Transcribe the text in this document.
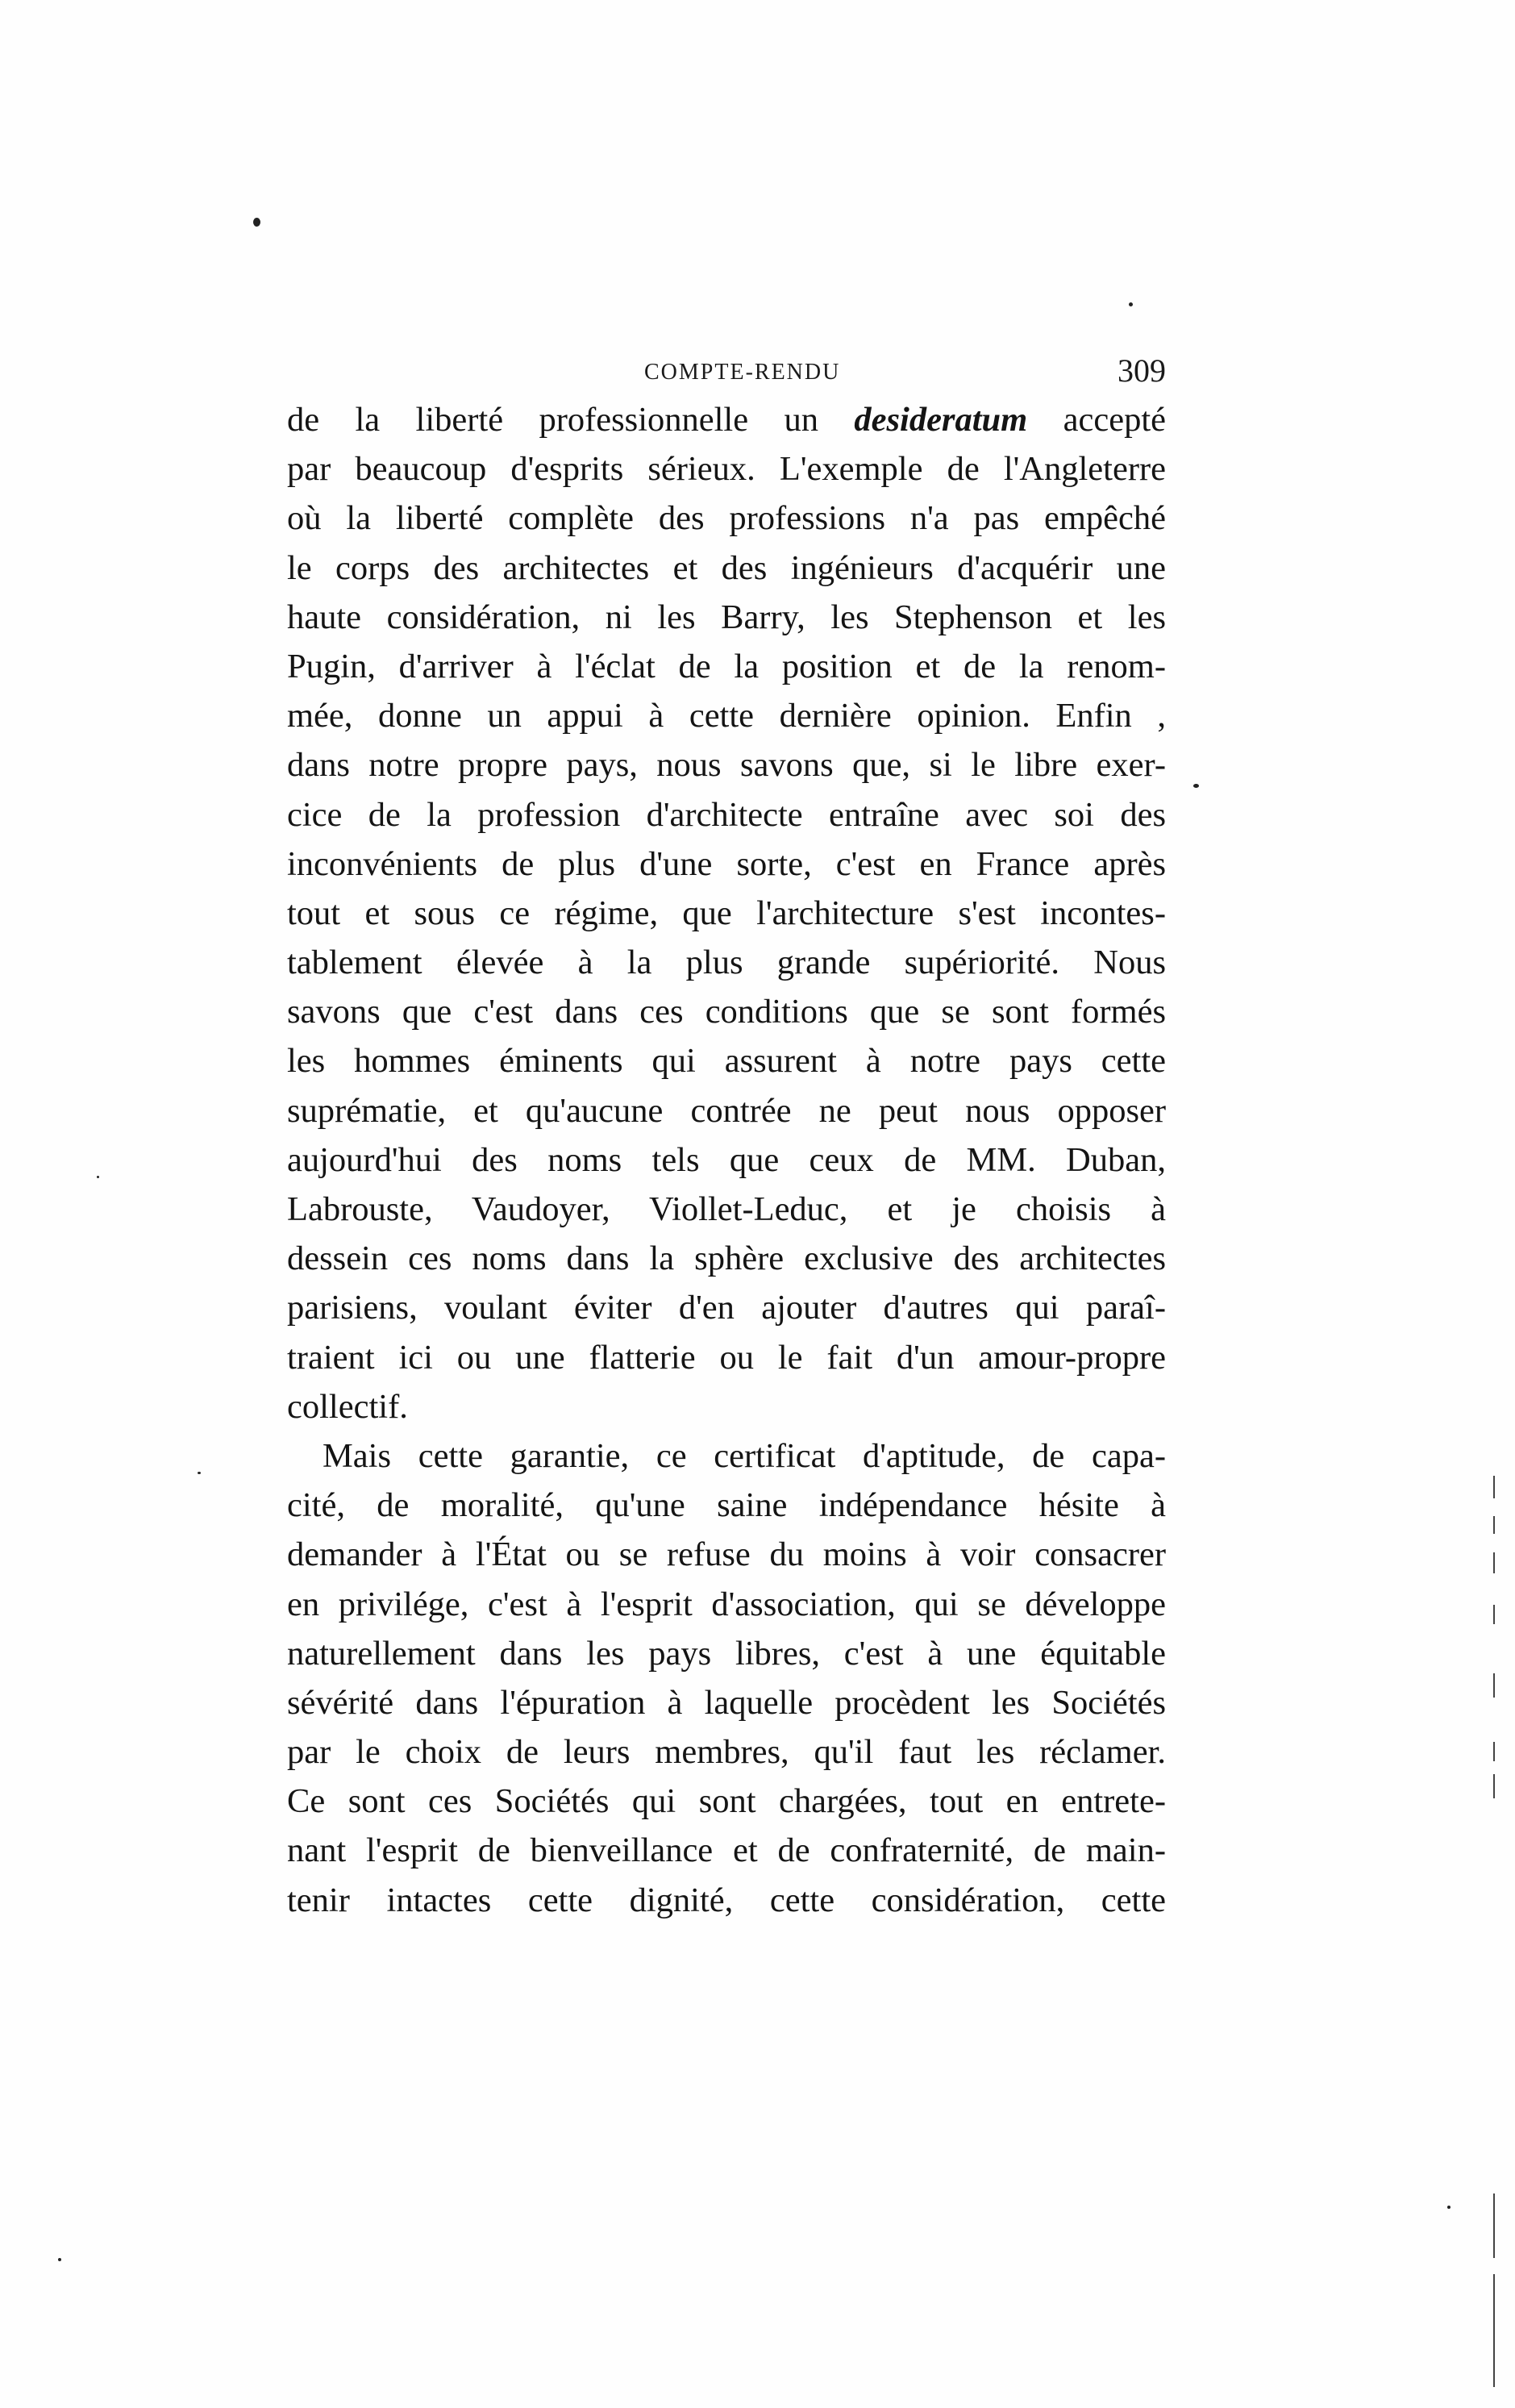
COMPTE-RENDU	309
de la liberté professionnelle un desideratum accepté
par beaucoup d'esprits sérieux. L'exemple de l'Angleterre
où la liberté complète des professions n'a pas empêché
le corps des architectes et des ingénieurs d'acquérir une
haute considération, ni les Barry, les Stephenson et les
Pugin, d'arriver à l'éclat de la position et de la renom-
mée, donne un appui à cette dernière opinion. Enfin ,
dans notre propre pays, nous savons que, si le libre exer-
cice de la profession d'architecte entraîne avec soi des
inconvénients de plus d'une sorte, c'est en France après
tout et sous ce régime, que l'architecture s'est incontes-
tablement élevée à la plus grande supériorité. Nous
savons que c'est dans ces conditions que se sont formés
les hommes éminents qui assurent à notre pays cette
suprématie, et qu'aucune contrée ne peut nous opposer
aujourd'hui des noms tels que ceux de MM. Duban,
Labrouste, Vaudoyer, Viollet-Leduc, et je choisis à
dessein ces noms dans la sphère exclusive des architectes
parisiens, voulant éviter d'en ajouter d'autres qui paraî-
traient ici ou une flatterie ou le fait d'un amour-propre
collectif.
Mais cette garantie, ce certificat d'aptitude, de capa-
cité, de moralité, qu'une saine indépendance hésite à
demander à l'État ou se refuse du moins à voir consacrer
en privilége, c'est à l'esprit d'association, qui se développe
naturellement dans les pays libres, c'est à une équitable
sévérité dans l'épuration à laquelle procèdent les Sociétés
par le choix de leurs membres, qu'il faut les réclamer.
Ce sont ces Sociétés qui sont chargées, tout en entrete-
nant l'esprit de bienveillance et de confraternité, de main-
tenir intactes cette dignité, cette considération, cette
